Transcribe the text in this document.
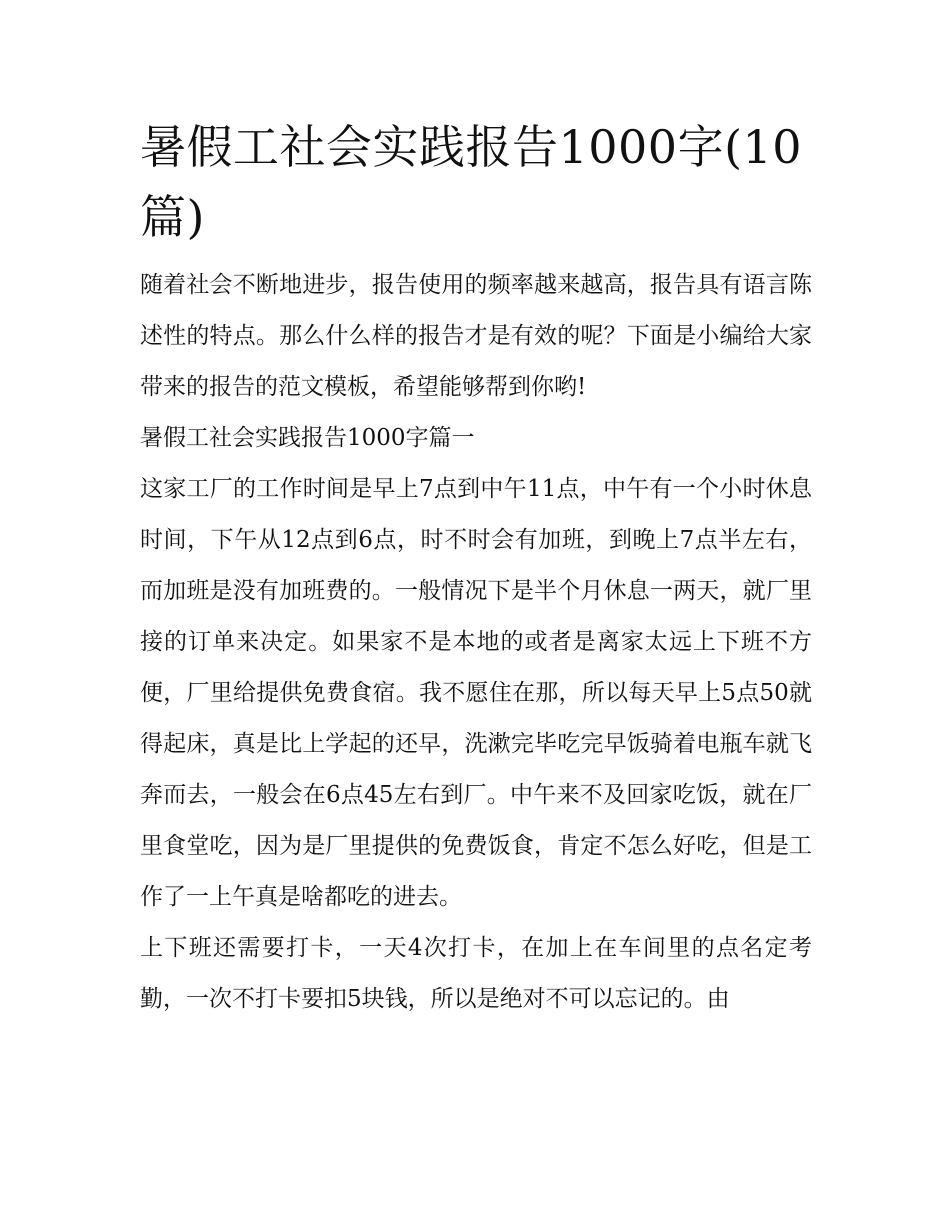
暑假工社会实践报告1000字(10篇)

随着社会不断地进步，报告使用的频率越来越高，报告具有语言陈述性的特点。那么什么样的报告才是有效的呢？下面是小编给大家带来的报告的范文模板，希望能够帮到你哟!

暑假工社会实践报告1000字篇一

这家工厂的工作时间是早上7点到中午11点，中午有一个小时休息时间，下午从12点到6点，时不时会有加班，到晚上7点半左右，而加班是没有加班费的。一般情况下是半个月休息一两天，就厂里接的订单来决定。如果家不是本地的或者是离家太远上下班不方便，厂里给提供免费食宿。我不愿住在那，所以每天早上5点50就得起床，真是比上学起的还早，洗漱完毕吃完早饭骑着电瓶车就飞奔而去，一般会在6点45左右到厂。中午来不及回家吃饭，就在厂里食堂吃，因为是厂里提供的免费饭食，肯定不怎么好吃，但是工作了一上午真是啥都吃的进去。

上下班还需要打卡，一天4次打卡，在加上在车间里的点名定考勤，一次不打卡要扣5块钱，所以是绝对不可以忘记的。由
